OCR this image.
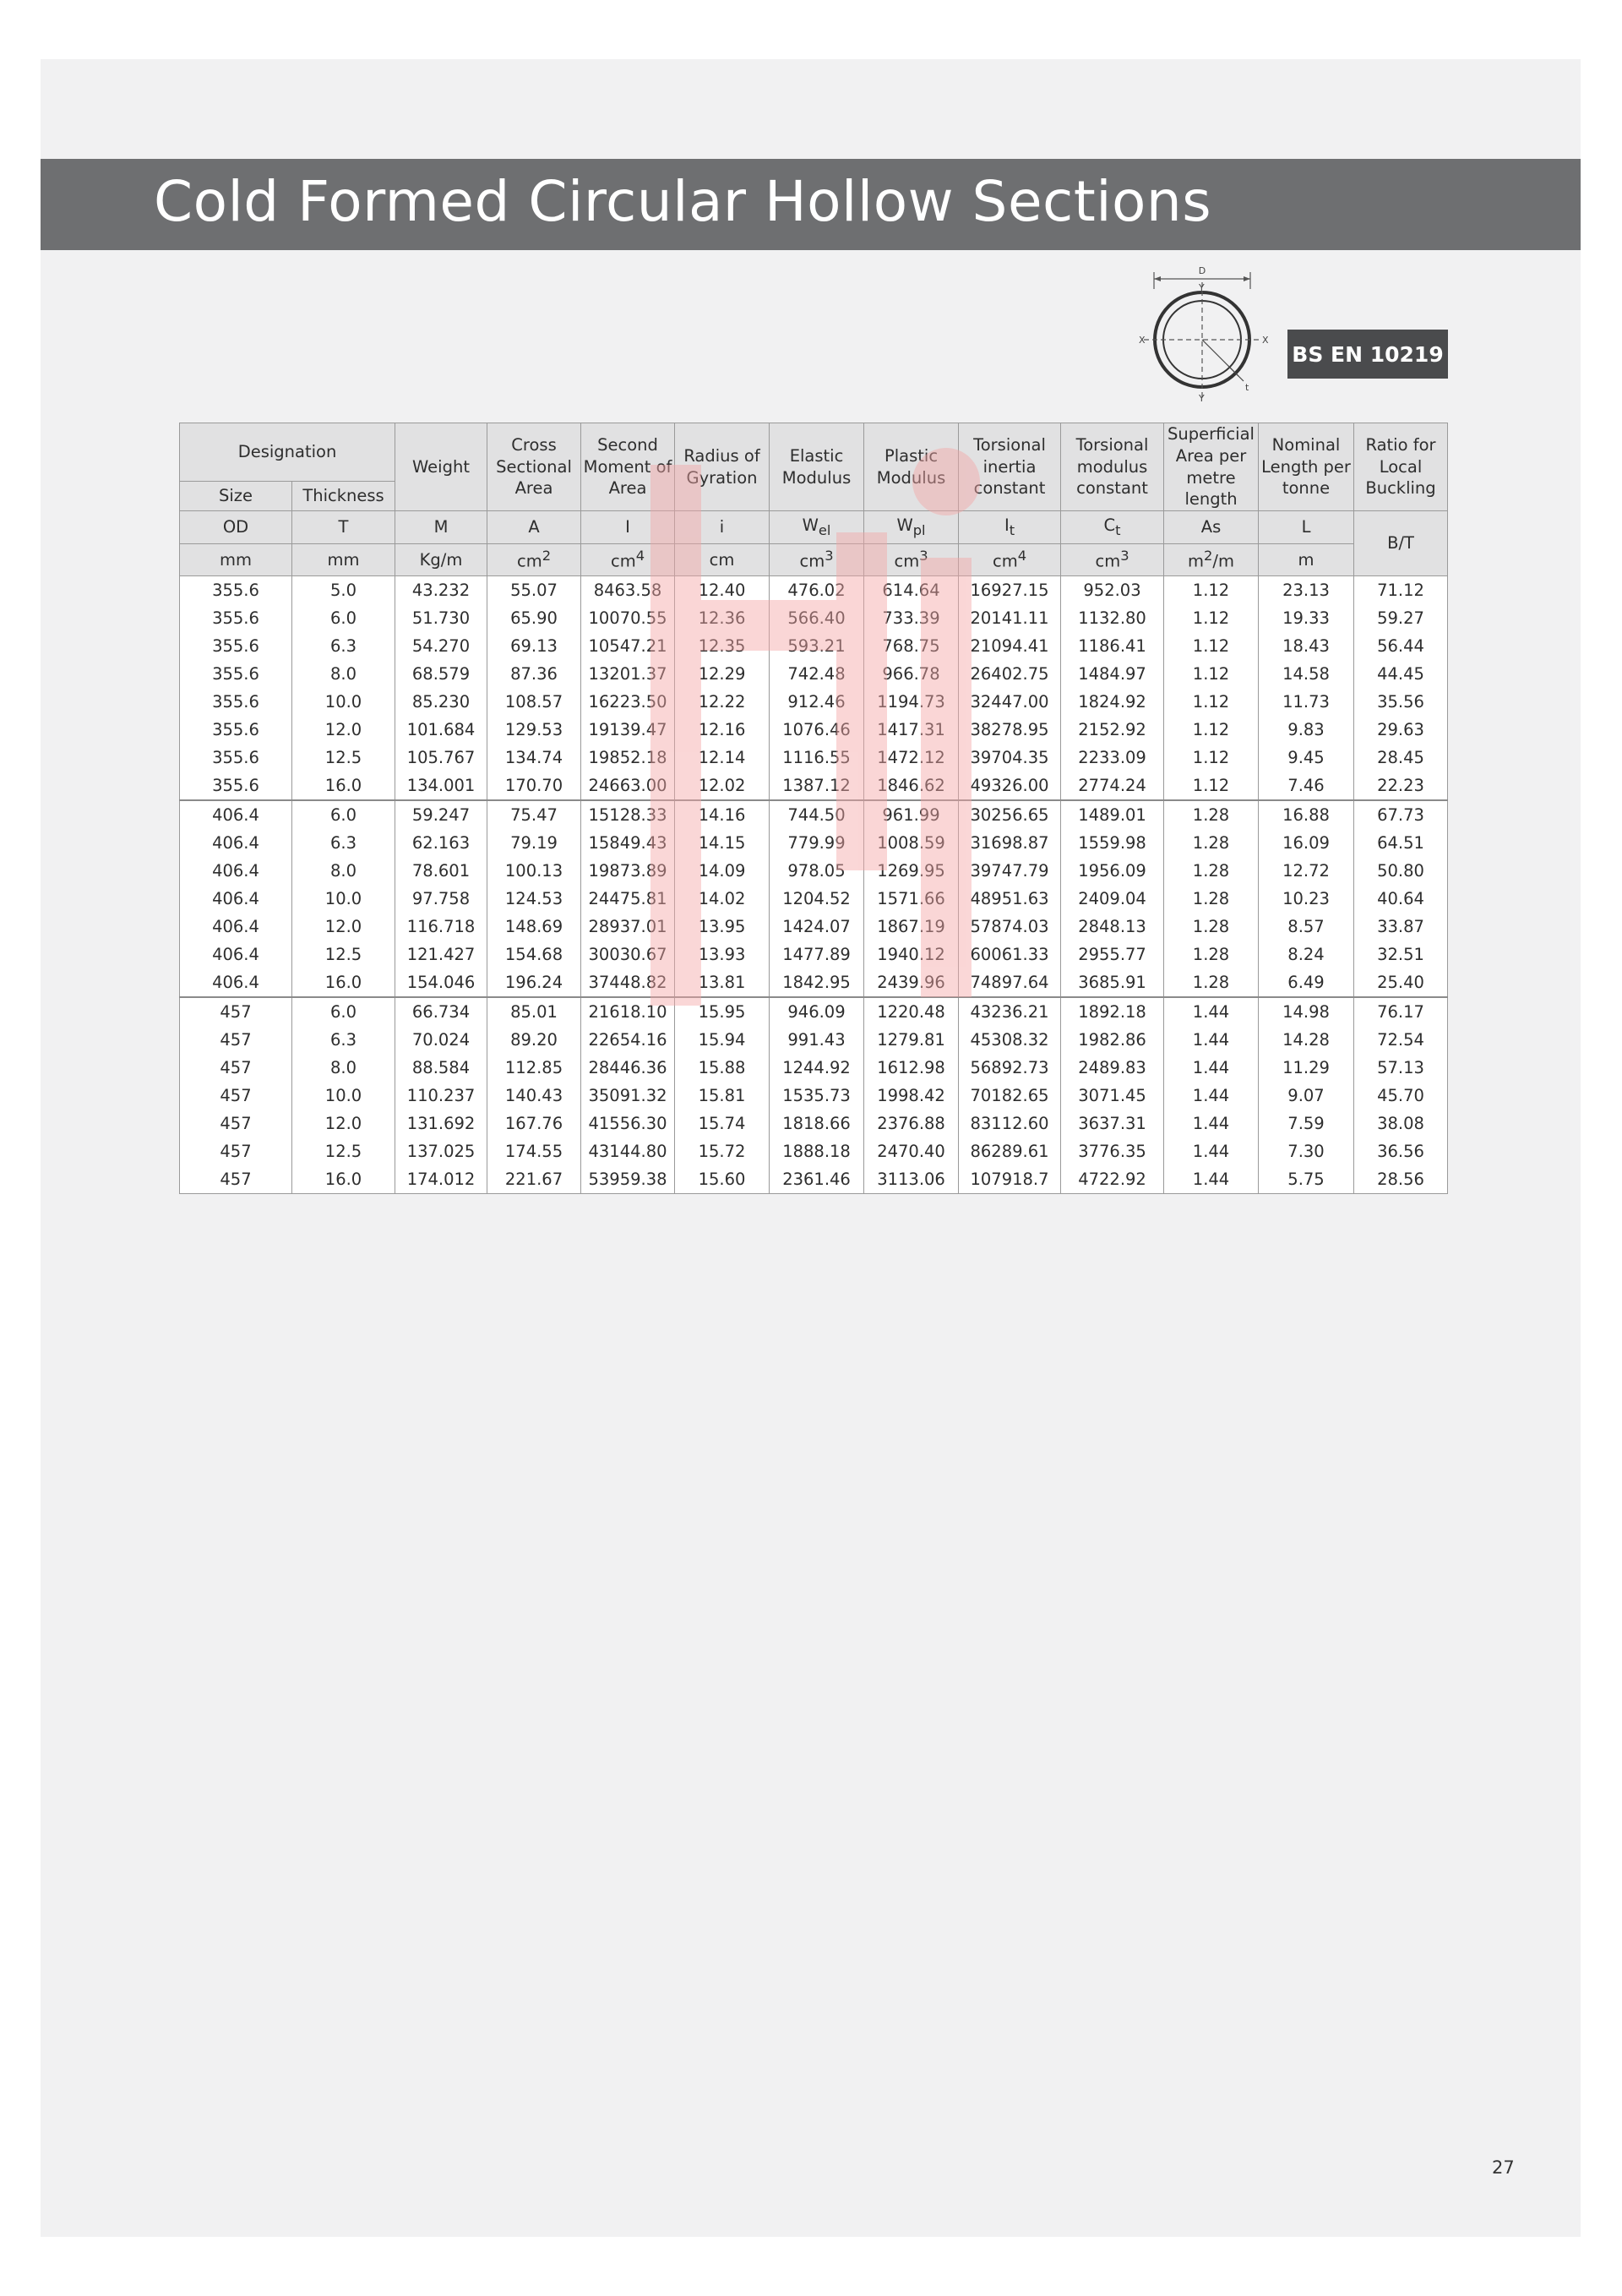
Cold Formed Circular Hollow Sections
D
X	X
Y
Y
t
BS EN 10219
Designation		Weight	Cross Sectional Area	Second Moment of Area	Radius of Gyration	Elastic Modulus	Plastic Modulus	Torsional inertia constant	Torsional modulus constant	Superficial Area per metre length	Nominal Length per tonne	Ratio for Local Buckling
Size	Thickness											
OD	T	M	A	I	i	$W_{el}$	$W_{pl}$	$I_t$	$C_t$	As	L	B/T
mm	mm	Kg/m	$cm^2$	$cm^4$	cm	$cm^3$	$cm^3$	$cm^4$	$cm^3$	$m^2/m$	m	
355.6	5.0	43.232	55.07	8463.58	12.40	476.02	614.64	16927.15	952.03	1.12	23.13	71.12
355.6	6.0	51.730	65.90	10070.55	12.36	566.40	733.39	20141.11	1132.80	1.12	19.33	59.27
355.6	6.3	54.270	69.13	10547.21	12.35	593.21	768.75	21094.41	1186.41	1.12	18.43	56.44
355.6	8.0	68.579	87.36	13201.37	12.29	742.48	966.78	26402.75	1484.97	1.12	14.58	44.45
355.6	10.0	85.230	108.57	16223.50	12.22	912.46	1194.73	32447.00	1824.92	1.12	11.73	35.56
355.6	12.0	101.684	129.53	19139.47	12.16	1076.46	1417.31	38278.95	2152.92	1.12	9.83	29.63
355.6	12.5	105.767	134.74	19852.18	12.14	1116.55	1472.12	39704.35	2233.09	1.12	9.45	28.45
355.6	16.0	134.001	170.70	24663.00	12.02	1387.12	1846.62	49326.00	2774.24	1.12	7.46	22.23
406.4	6.0	59.247	75.47	15128.33	14.16	744.50	961.99	30256.65	1489.01	1.28	16.88	67.73
406.4	6.3	62.163	79.19	15849.43	14.15	779.99	1008.59	31698.87	1559.98	1.28	16.09	64.51
406.4	8.0	78.601	100.13	19873.89	14.09	978.05	1269.95	39747.79	1956.09	1.28	12.72	50.80
406.4	10.0	97.758	124.53	24475.81	14.02	1204.52	1571.66	48951.63	2409.04	1.28	10.23	40.64
406.4	12.0	116.718	148.69	28937.01	13.95	1424.07	1867.19	57874.03	2848.13	1.28	8.57	33.87
406.4	12.5	121.427	154.68	30030.67	13.93	1477.89	1940.12	60061.33	2955.77	1.28	8.24	32.51
406.4	16.0	154.046	196.24	37448.82	13.81	1842.95	2439.96	74897.64	3685.91	1.28	6.49	25.40
457	6.0	66.734	85.01	21618.10	15.95	946.09	1220.48	43236.21	1892.18	1.44	14.98	76.17
457	6.3	70.024	89.20	22654.16	15.94	991.43	1279.81	45308.32	1982.86	1.44	14.28	72.54
457	8.0	88.584	112.85	28446.36	15.88	1244.92	1612.98	56892.73	2489.83	1.44	11.29	57.13
457	10.0	110.237	140.43	35091.32	15.81	1535.73	1998.42	70182.65	3071.45	1.44	9.07	45.70
457	12.0	131.692	167.76	41556.30	15.74	1818.66	2376.88	83112.60	3637.31	1.44	7.59	38.08
457	12.5	137.025	174.55	43144.80	15.72	1888.18	2470.40	86289.61	3776.35	1.44	7.30	36.56
457	16.0	174.012	221.67	53959.38	15.60	2361.46	3113.06	107918.7	4722.92	1.44	5.75	28.56
27
